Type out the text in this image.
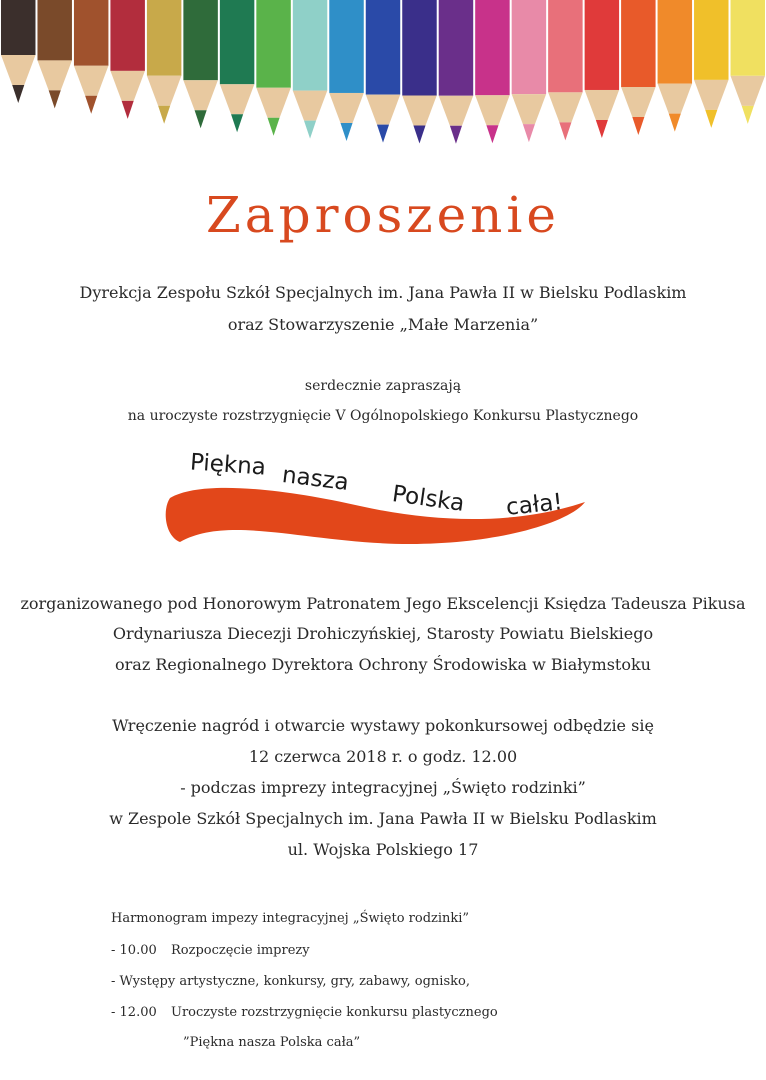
Zaproszenie
Dyrekcja Zespołu Szkół Specjalnych im. Jana Pawła II w Bielsku Podlaskim
oraz Stowarzyszenie „Małe Marzenia”
serdecznie zapraszają
na uroczyste rozstrzygnięcie V Ogólnopolskiego Konkursu Plastycznego
Piękna nasza
Polska cała!
zorganizowanego pod Honorowym Patronatem Jego Ekscelencji Księdza Tadeusza Pikusa
Ordynariusza Diecezji Drohiczyńskiej, Starosty Powiatu Bielskiego
oraz Regionalnego Dyrektora Ochrony Środowiska w Białymstoku
Wręczenie nagród i otwarcie wystawy pokonkursowej odbędzie się
12 czerwca 2018 r. o godz. 12.00
- podczas imprezy integracyjnej „Święto rodzinki”
w Zespole Szkół Specjalnych im. Jana Pawła II w Bielsku Podlaskim
ul. Wojska Polskiego 17
Harmonogram impezy integracyjnej „Święto rodzinki”
- 10.00 Rozpoczęcie imprezy
- Występy artystyczne, konkursy, gry, zabawy, ognisko,
- 12.00 Uroczyste rozstrzygnięcie konkursu plastycznego
”Piękna nasza Polska cała”
